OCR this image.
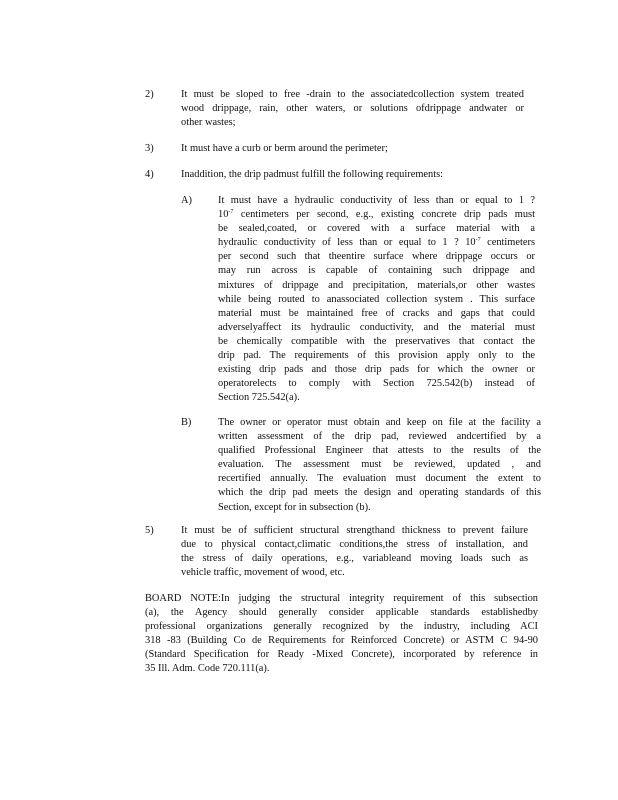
2)	It must be sloped to free -drain to the associatedcollection system treated
wood drippage, rain, other waters, or solutions ofdrippage andwater or
other wastes;
3)	It must have a curb or berm around the perimeter;
4)	Inaddition, the drip padmust fulfill the following requirements:
A)	It must have a hydraulic conductivity of less than or equal to 1 ?
$10^{-7}$ centimeters per second, e.g., existing concrete drip pads must
be sealed,coated, or covered with a surface material with a
hydraulic conductivity of less than or equal to 1 ? $10^{-7}$ centimeters
per second such that theentire surface where drippage occurs or
may run across is capable of containing such drippage and
mixtures of drippage and precipitation, materials,or other wastes
while being routed to anassociated collection system . This surface
material must be maintained free of cracks and gaps that could
adverselyaffect its hydraulic conductivity, and the material must
be chemically compatible with the preservatives that contact the
drip pad. The requirements of this provision apply only to the
existing drip pads and those drip pads for which the owner or
operatorelects to comply with Section 725.542(b) instead of
Section 725.542(a).
B)	The owner or operator must obtain and keep on file at the facility a
written assessment of the drip pad, reviewed andcertified by a
qualified Professional Engineer that attests to the results of the
evaluation. The assessment must be reviewed, updated , and
recertified annually. The evaluation must document the extent to
which the drip pad meets the design and operating standards of this
Section, except for in subsection (b).
5)	It must be of sufficient structural strengthand thickness to prevent failure
due to physical contact,climatic conditions,the stress of installation, and
the stress of daily operations, e.g., variableand moving loads such as
vehicle traffic, movement of wood, etc.
BOARD NOTE:In judging the structural integrity requirement of this subsection
(a), the Agency should generally consider applicable standards establishedby
professional organizations generally recognized by the industry, including ACI
318 -83 (Building Co de Requirements for Reinforced Concrete) or ASTM C 94-90
(Standard Specification for Ready -Mixed Concrete), incorporated by reference in
35 Ill. Adm. Code 720.111(a).
